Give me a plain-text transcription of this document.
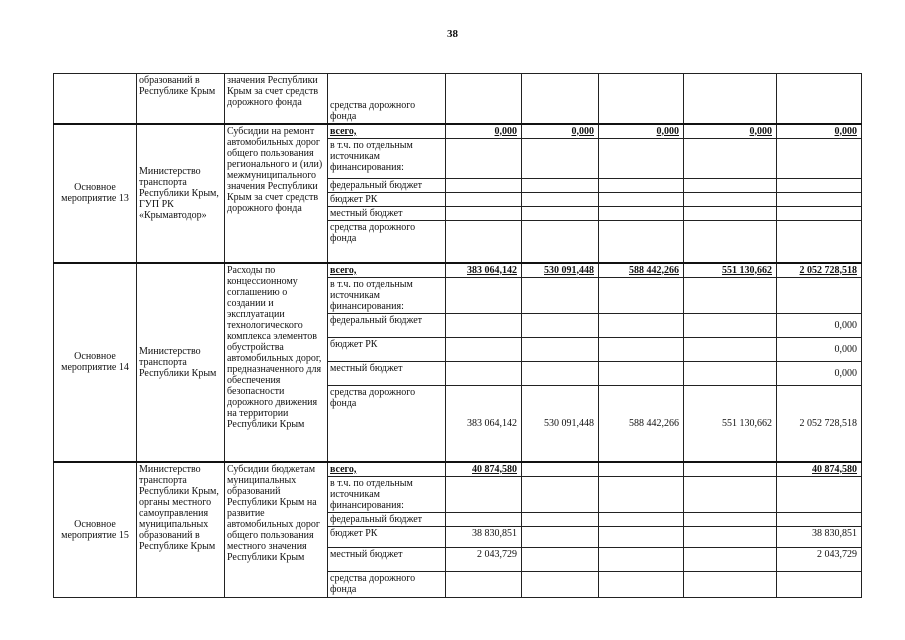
38
	образований в Республике Крым	значения Республики Крым за счет средств дорожного фонда	средства дорожного фонда					
Основное мероприятие 13	Министерство транспорта Республики Крым, ГУП РК «Крымавтодор»	Субсидии на ремонт автомобильных дорог общего пользования регионального и (или) межмуниципального значения Республики Крым за счет средств дорожного фонда	всего,	0,000	0,000	0,000	0,000	0,000
			в т.ч. по отдельным источникам финансирования:					
			федеральный бюджет					
			бюджет РК					
			местный бюджет					
			средства дорожного фонда					
Основное мероприятие 14	Министерство транспорта Республики Крым	Расходы по концессионному соглашению о создании и эксплуатации технологического комплекса элементов обустройства автомобильных дорог, предназначенного для обеспечения безопасности дорожного движения на территории Республики Крым	всего,	383 064,142	530 091,448	588 442,266	551 130,662	2 052 728,518
			в т.ч. по отдельным источникам финансирования:					
			федеральный бюджет					0,000
			бюджет РК					0,000
			местный бюджет					0,000
			средства дорожного фонда	383 064,142	530 091,448	588 442,266	551 130,662	2 052 728,518
Основное мероприятие 15	Министерство транспорта Республики Крым, органы местного самоуправления муниципальных образований в Республике Крым	Субсидии бюджетам муниципальных образований Республики Крым на развитие автомобильных дорог общего пользования местного значения Республики Крым	всего,	40 874,580				40 874,580
			в т.ч. по отдельным источникам финансирования:					
			федеральный бюджет					
			бюджет РК	38 830,851				38 830,851
			местный бюджет	2 043,729				2 043,729
			средства дорожного фонда					
